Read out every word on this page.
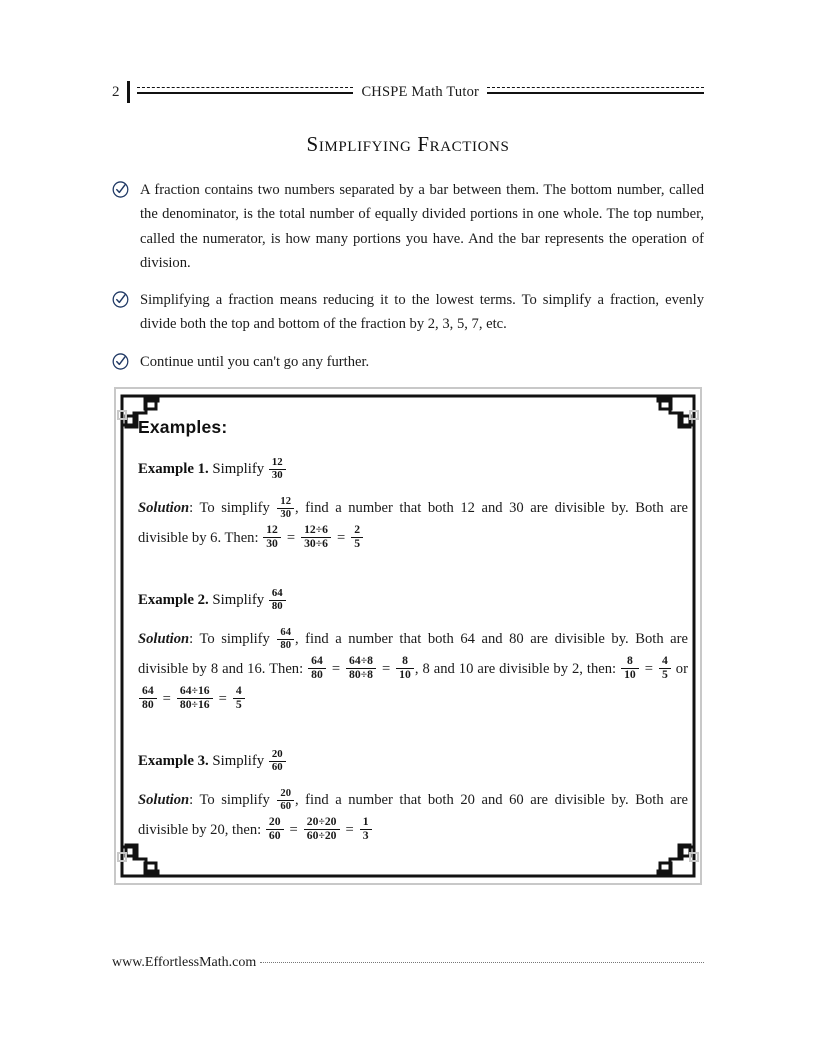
2	CHSPE Math Tutor
Simplifying Fractions
A fraction contains two numbers separated by a bar between them. The bottom number, called the denominator, is the total number of equally divided portions in one whole. The top number, called the numerator, is how many portions you have. And the bar represents the operation of division.
Simplifying a fraction means reducing it to the lowest terms. To simplify a fraction, evenly divide both the top and bottom of the fraction by 2, 3, 5, 7, etc.
Continue until you can't go any further.
Examples:
Example 1. Simplify $\frac{12}{30}$
Solution: To simplify $\frac{12}{30}$ , find a number that both 12 and 30 are divisible by. Both are divisible by 6. Then: $\frac{12}{30} = \frac{12\div 6}{30\div 6} = \frac{2}{5}$
Example 2. Simplify $\frac{64}{80}$
Solution: To simplify $\frac{64}{80}$ , find a number that both 64 and 80 are divisible by. Both are divisible by 8 and 16. Then: $\frac{64}{80} = \frac{64\div 8}{80\div 8} = \frac{8}{10}$ , 8 and 10 are divisible by 2, then: $\frac{8}{10} = \frac{4}{5}$ or
$\frac{64}{80} = \frac{64\div 16}{80\div 16} = \frac{4}{5}$
Example 3. Simplify $\frac{20}{60}$
Solution: To simplify $\frac{20}{60}$ , find a number that both 20 and 60 are divisible by. Both are divisible by 20, then: $\frac{20}{60} = \frac{20\div 20}{60\div 20} = \frac{1}{3}$
www.EffortlessMath.com
